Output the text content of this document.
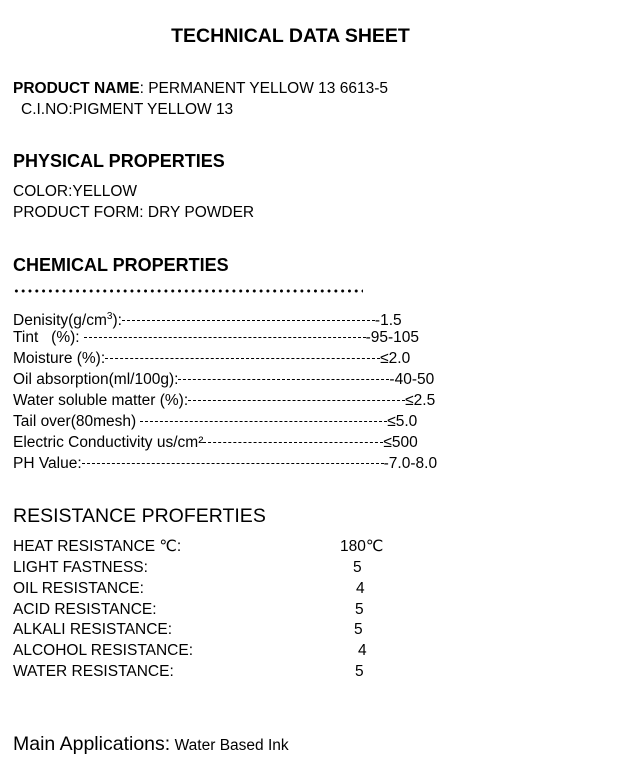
TECHNICAL DATA SHEET
PRODUCT NAME: PERMANENT YELLOW 13 6613-5
C.I.NO:PIGMENT YELLOW 13
PHYSICAL PROPERTIES
COLOR:YELLOW
PRODUCT FORM: DRY POWDER
CHEMICAL PROPERTIES
$Denisity(g/cm^3)$:	-1.5
Tint   (%):	-95-105
Moisture (%):	≤2.0
Oil absorption(ml/100g):	-40-50
Water soluble matter (%):	≤2.5
Tail over(80mesh)	≤5.0
Electric Conductivity us/cm²	≤500
PH Value:	-7.0-8.0
RESISTANCE PROFERTIES
HEAT RESISTANCE ℃:	180℃
LIGHT FASTNESS:	5
OIL RESISTANCE:	4
ACID RESISTANCE:	5
ALKALI RESISTANCE:	5
ALCOHOL RESISTANCE:	4
WATER RESISTANCE:	5
Main Applications: Water Based Ink
